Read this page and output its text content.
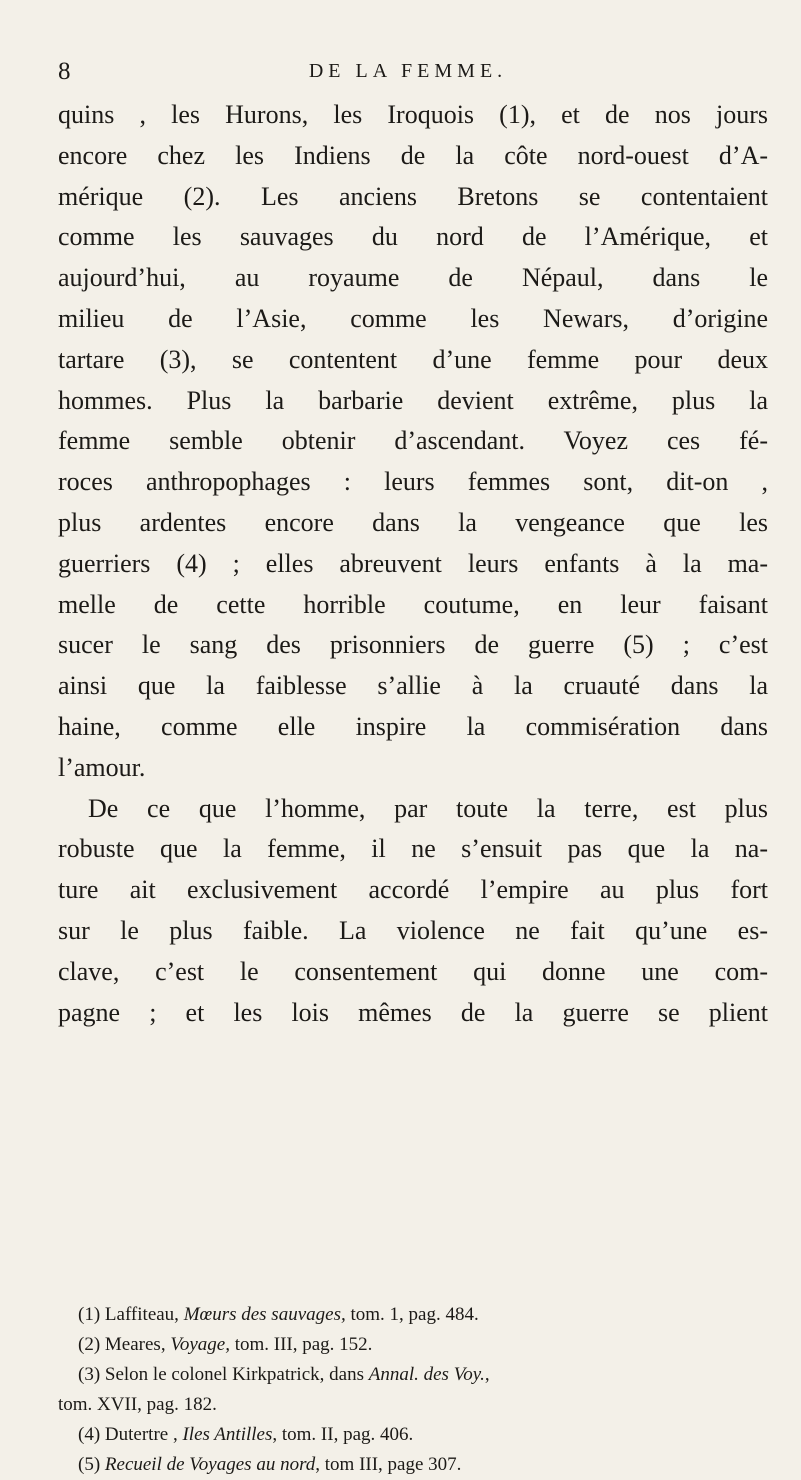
8	DE LA FEMME.
quins , les Hurons, les Iroquois (1), et de nos jours
encore chez les Indiens de la côte nord-ouest d’A-
mérique (2). Les anciens Bretons se contentaient
comme les sauvages du nord de l’Amérique, et
aujourd’hui, au royaume de Népaul, dans le
milieu de l’Asie, comme les Newars, d’origine
tartare (3), se contentent d’une femme pour deux
hommes. Plus la barbarie devient extrême, plus la
femme semble obtenir d’ascendant. Voyez ces fé-
roces anthropophages : leurs femmes sont, dit-on ,
plus ardentes encore dans la vengeance que les
guerriers (4) ; elles abreuvent leurs enfants à la ma-
melle de cette horrible coutume, en leur faisant
sucer le sang des prisonniers de guerre (5) ; c’est
ainsi que la faiblesse s’allie à la cruauté dans la
haine, comme elle inspire la commisération dans
l’amour.
De ce que l’homme, par toute la terre, est plus
robuste que la femme, il ne s’ensuit pas que la na-
ture ait exclusivement accordé l’empire au plus fort
sur le plus faible. La violence ne fait qu’une es-
clave, c’est le consentement qui donne une com-
pagne ; et les lois mêmes de la guerre se plient
(1) Laffiteau, Mœurs des sauvages, tom. 1, pag. 484.
(2) Meares, Voyage, tom. III, pag. 152.
(3) Selon le colonel Kirkpatrick, dans Annal. des Voy.,
tom. XVII, pag. 182.
(4) Dutertre , Iles Antilles, tom. II, pag. 406.
(5) Recueil de Voyages au nord, tom III, page 307.
